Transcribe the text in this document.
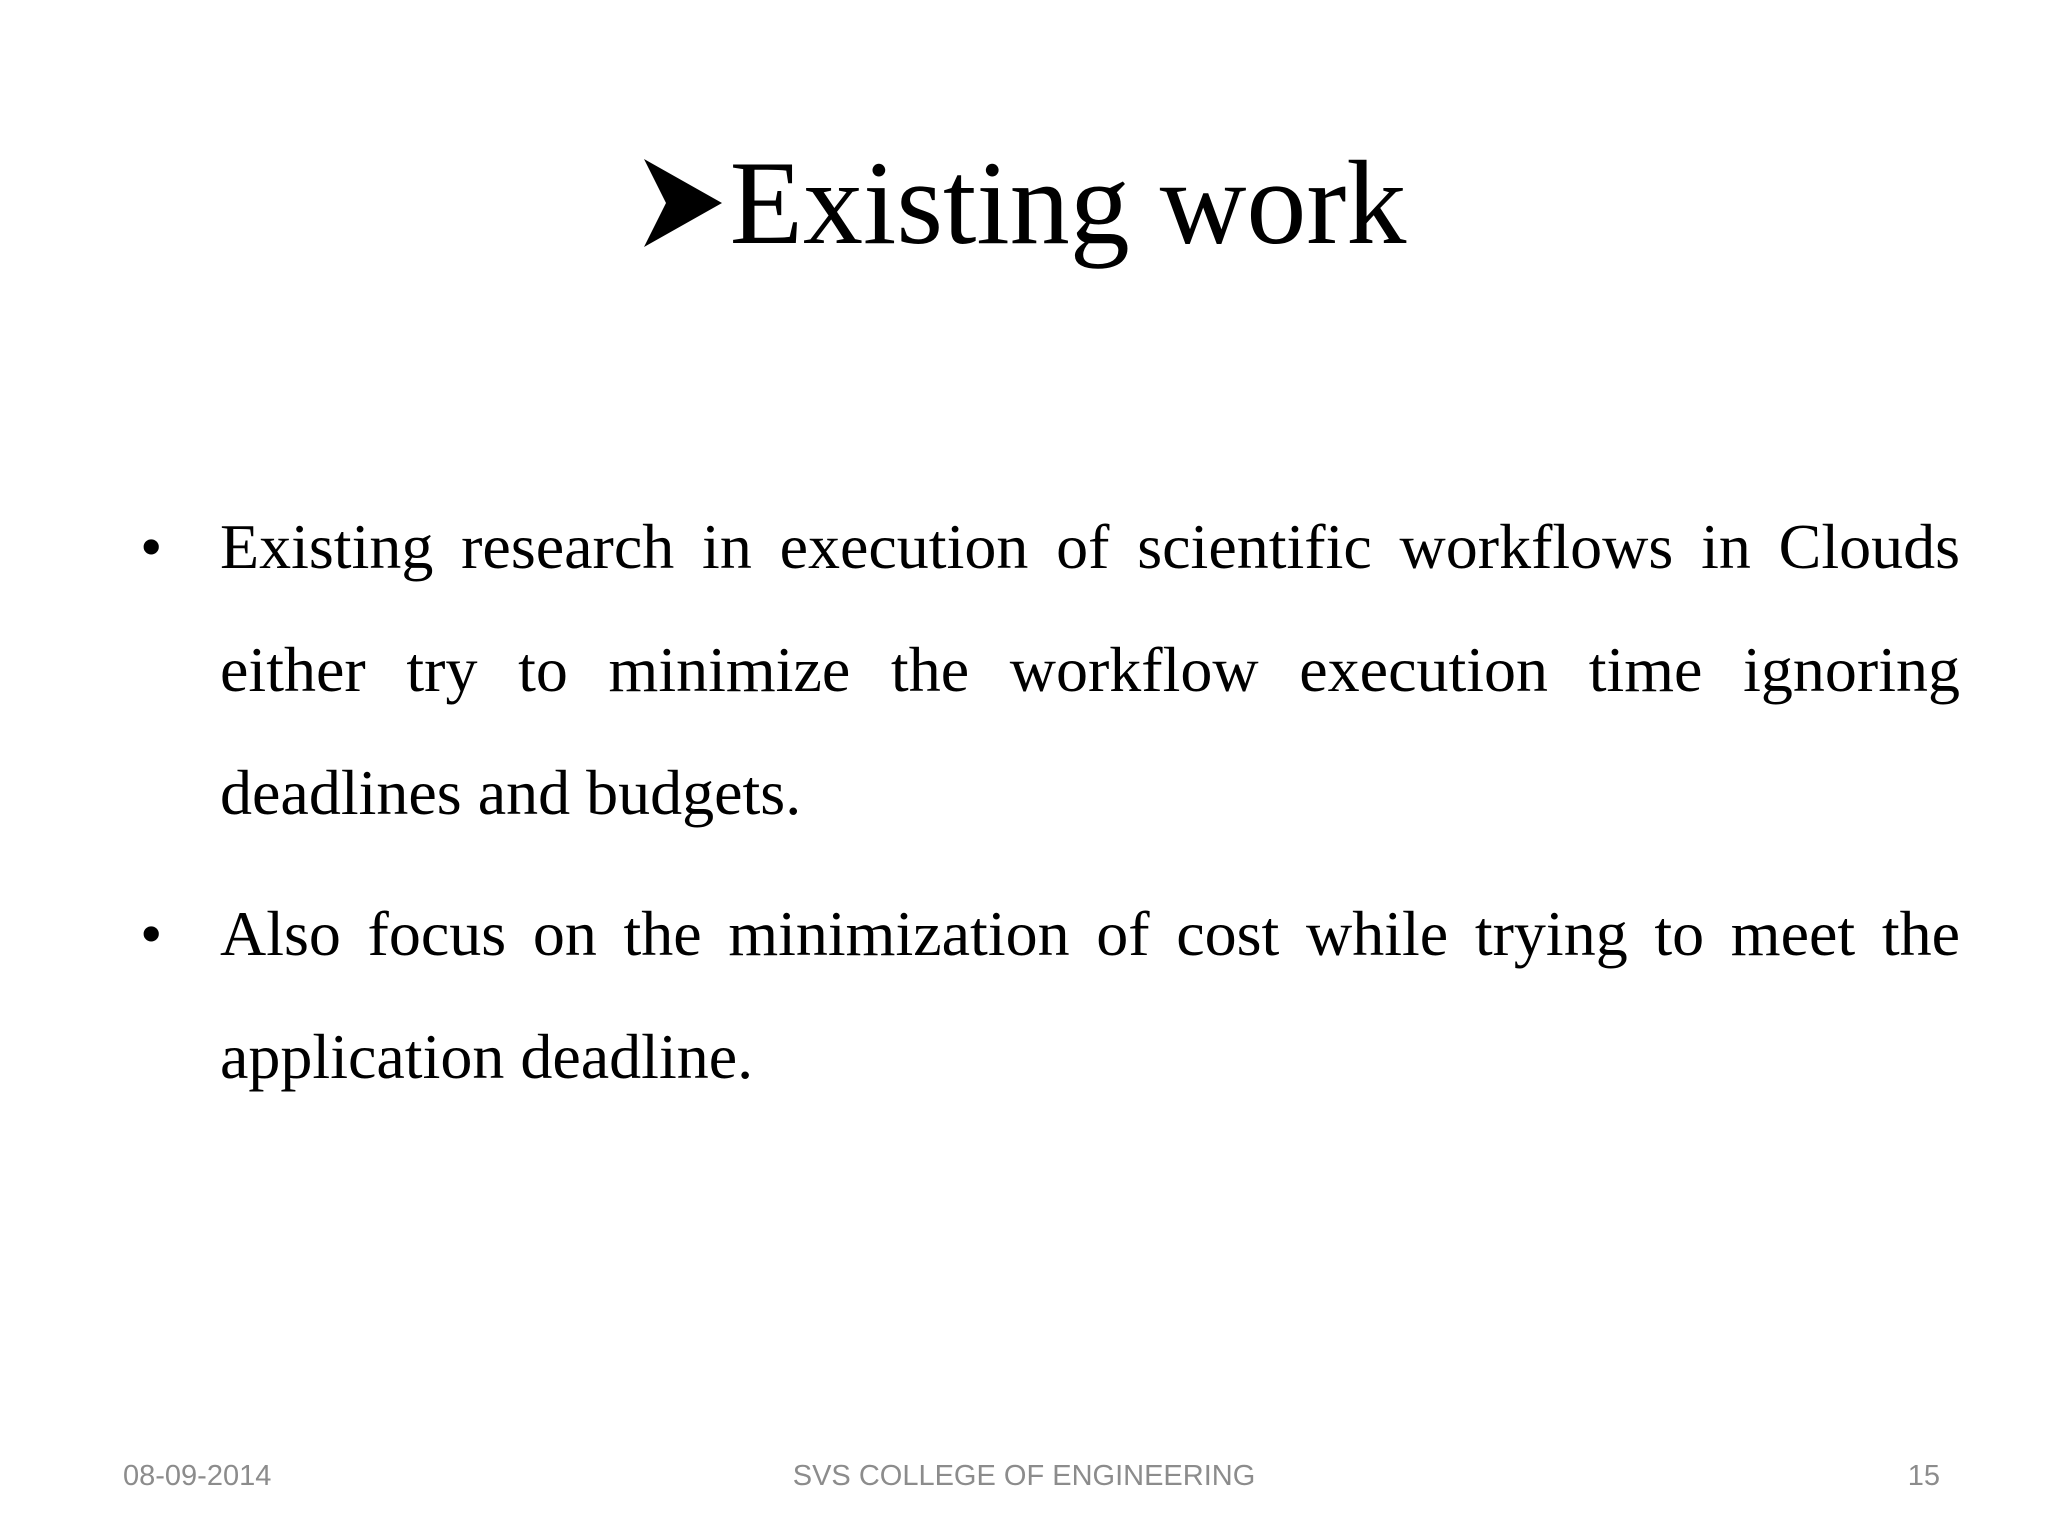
Existing work
• Existing research in execution of scientific workflows in Clouds either try to minimize the workflow execution time ignoring deadlines and budgets.
• Also focus on the minimization of cost while trying to meet the application deadline.
08-09-2014	SVS COLLEGE OF ENGINEERING	15
